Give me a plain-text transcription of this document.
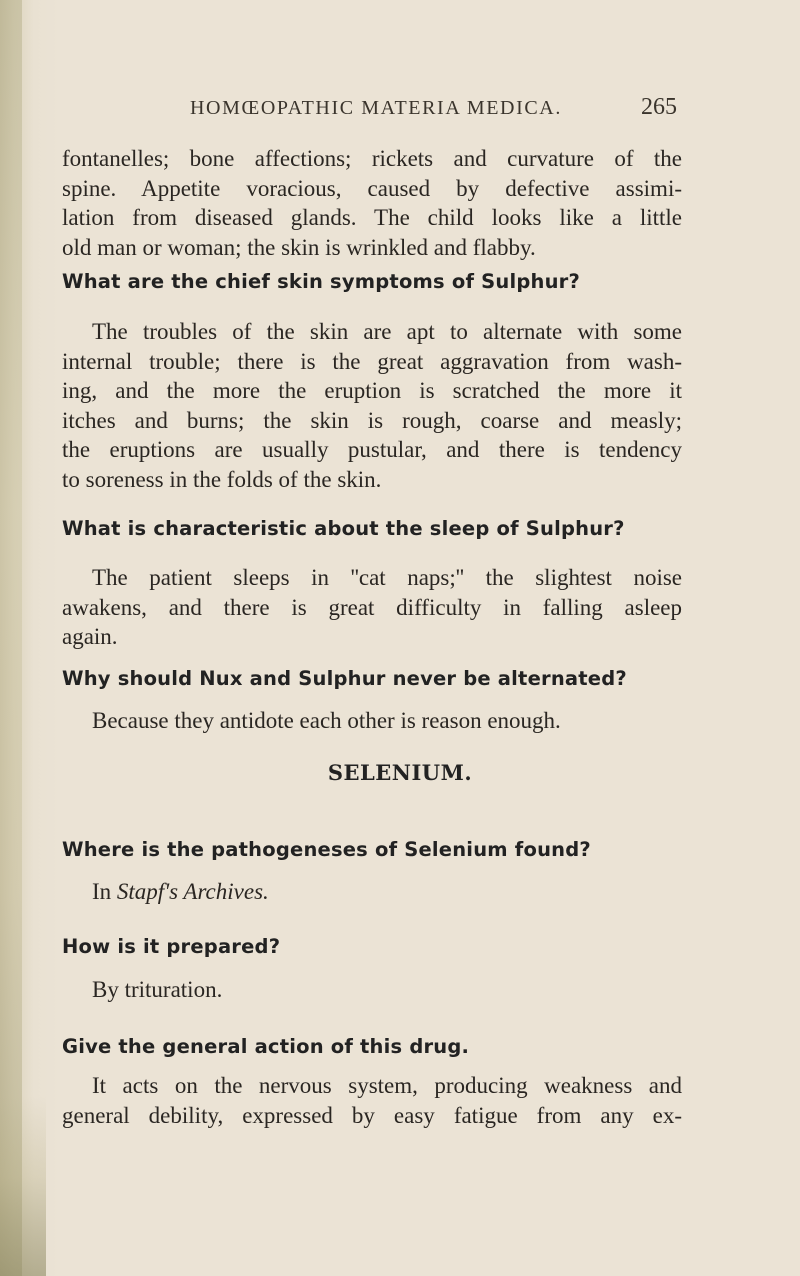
HOMŒOPATHIC MATERIA MEDICA.	265
fontanelles; bone affections; rickets and curvature of the
spine. Appetite voracious, caused by defective assimi-
lation from diseased glands. The child looks like a little
old man or woman; the skin is wrinkled and flabby.
What are the chief skin symptoms of Sulphur?
The troubles of the skin are apt to alternate with some
internal trouble; there is the great aggravation from wash-
ing, and the more the eruption is scratched the more it
itches and burns; the skin is rough, coarse and measly;
the eruptions are usually pustular, and there is tendency
to soreness in the folds of the skin.
What is characteristic about the sleep of Sulphur?
The patient sleeps in ''cat naps;'' the slightest noise
awakens, and there is great difficulty in falling asleep
again.
Why should Nux and Sulphur never be alternated?
Because they antidote each other is reason enough.
SELENIUM.
Where is the pathogeneses of Selenium found?
In Stapf's Archives.
How is it prepared?
By trituration.
Give the general action of this drug.
It acts on the nervous system, producing weakness and
general debility, expressed by easy fatigue from any ex-
